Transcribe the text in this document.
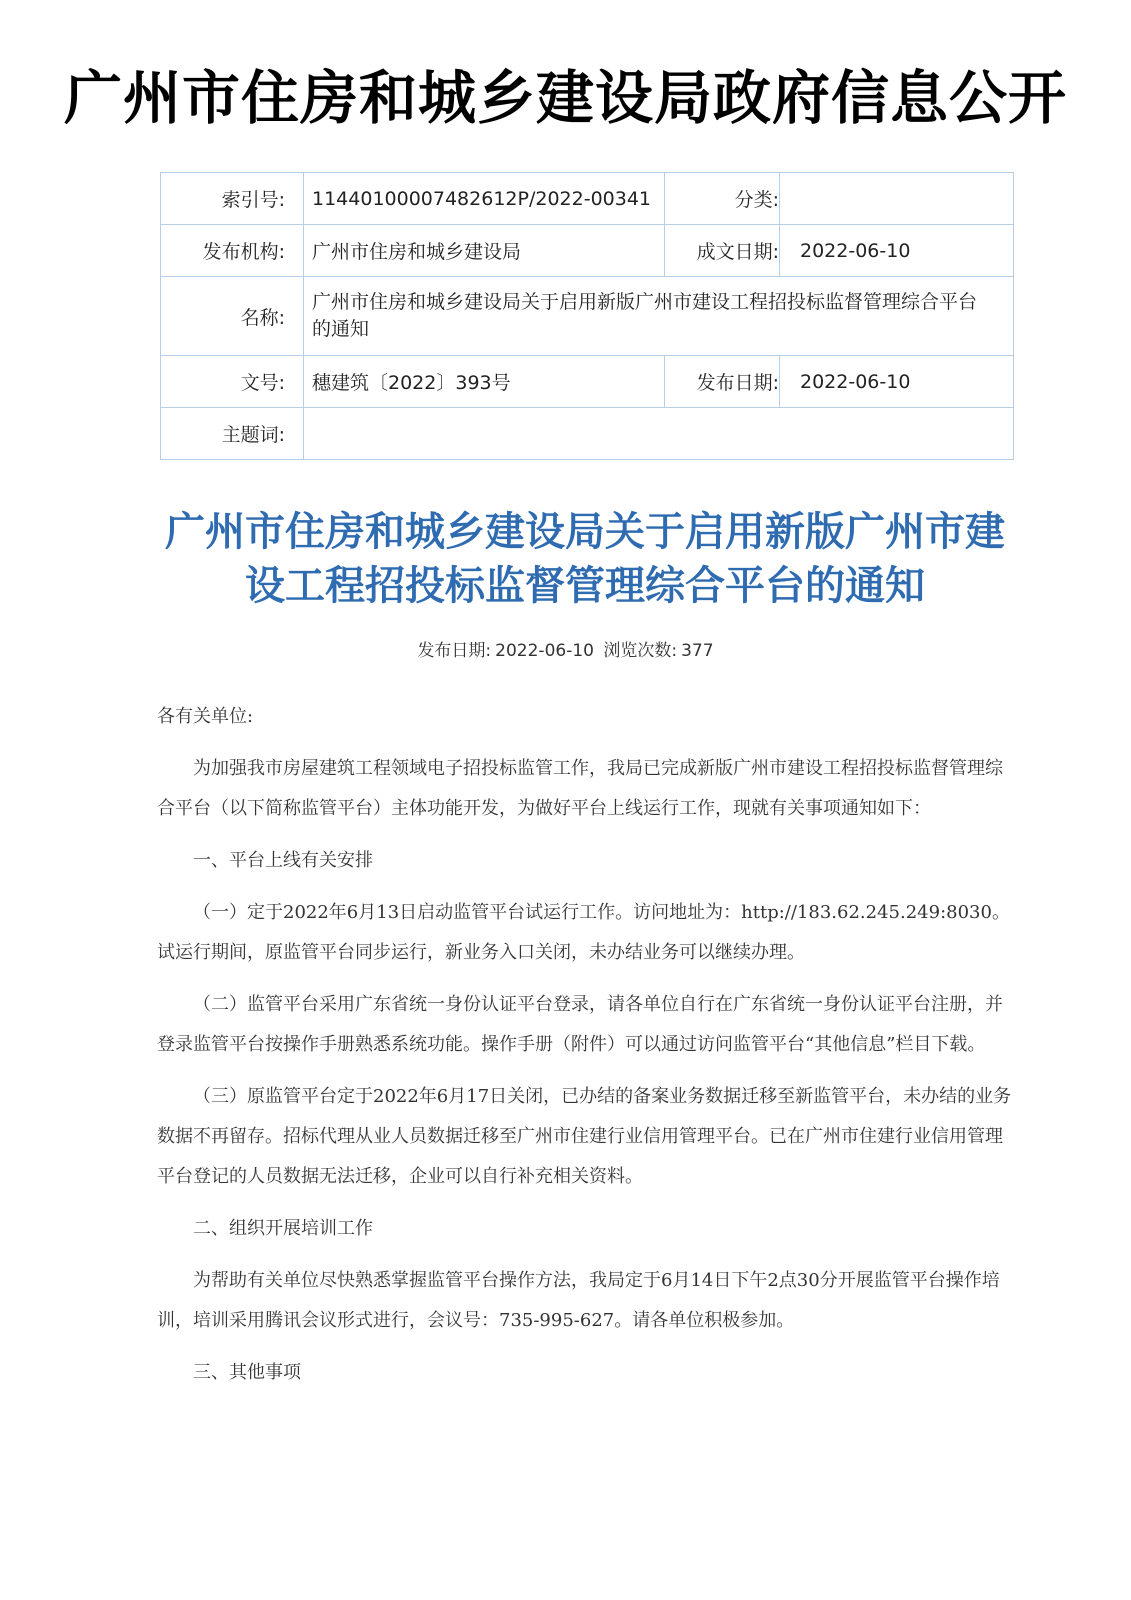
广州市住房和城乡建设局政府信息公开
索引号:	11440100007482612P/2022-00341	分类:	
发布机构:	广州市住房和城乡建设局	成文日期:	2022-06-10
名称:	广州市住房和城乡建设局关于启用新版广州市建设工程招投标监督管理综合平台的通知		
文号:	穗建筑〔2022〕393号	发布日期:	2022-06-10
主题词:			
广州市住房和城乡建设局关于启用新版广州市建设工程招投标监督管理综合平台的通知
发布日期: 2022-06-10 浏览次数: 377

各有关单位:

为加强我市房屋建筑工程领域电子招投标监管工作，我局已完成新版广州市建设工程招投标监督管理综合平台（以下简称监管平台）主体功能开发，为做好平台上线运行工作，现就有关事项通知如下：

一、平台上线有关安排

（一）定于2022年6月13日启动监管平台试运行工作。访问地址为：http://183.62.245.249:8030。试运行期间，原监管平台同步运行，新业务入口关闭，未办结业务可以继续办理。

（二）监管平台采用广东省统一身份认证平台登录，请各单位自行在广东省统一身份认证平台注册，并登录监管平台按操作手册熟悉系统功能。操作手册（附件）可以通过访问监管平台“其他信息”栏目下载。

（三）原监管平台定于2022年6月17日关闭，已办结的备案业务数据迁移至新监管平台，未办结的业务数据不再留存。招标代理从业人员数据迁移至广州市住建行业信用管理平台。已在广州市住建行业信用管理平台登记的人员数据无法迁移，企业可以自行补充相关资料。

二、组织开展培训工作

为帮助有关单位尽快熟悉掌握监管平台操作方法，我局定于6月14日下午2点30分开展监管平台操作培训，培训采用腾讯会议形式进行，会议号：735-995-627。请各单位积极参加。

三、其他事项
